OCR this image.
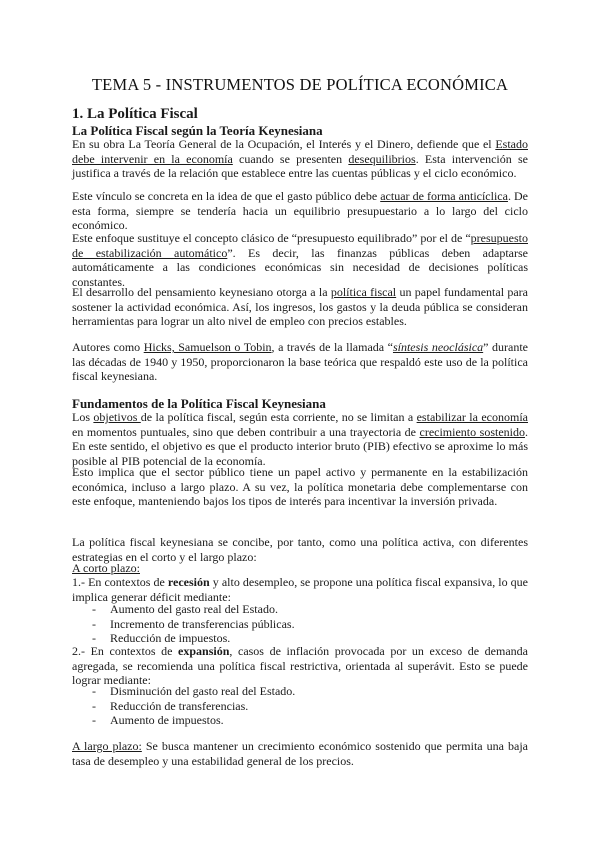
TEMA 5 - INSTRUMENTOS DE POLÍTICA ECONÓMICA
1. La Política Fiscal
La Política Fiscal según la Teoría Keynesiana
En su obra La Teoría General de la Ocupación, el Interés y el Dinero, defiende que el Estado debe intervenir en la economía cuando se presenten desequilibrios. Esta intervención se justifica a través de la relación que establece entre las cuentas públicas y el ciclo económico.
Este vínculo se concreta en la idea de que el gasto público debe actuar de forma anticíclica. De esta forma, siempre se tendería hacia un equilibrio presupuestario a lo largo del ciclo económico.
Este enfoque sustituye el concepto clásico de “presupuesto equilibrado” por el de “presupuesto de estabilización automático”. Es decir, las finanzas públicas deben adaptarse automáticamente a las condiciones económicas sin necesidad de decisiones políticas constantes.
El desarrollo del pensamiento keynesiano otorga a la política fiscal un papel fundamental para sostener la actividad económica. Así, los ingresos, los gastos y la deuda pública se consideran herramientas para lograr un alto nivel de empleo con precios estables.
Autores como Hicks, Samuelson o Tobin, a través de la llamada “síntesis neoclásica” durante las décadas de 1940 y 1950, proporcionaron la base teórica que respaldó este uso de la política fiscal keynesiana.
Fundamentos de la Política Fiscal Keynesiana
Los objetivos de la política fiscal, según esta corriente, no se limitan a estabilizar la economía en momentos puntuales, sino que deben contribuir a una trayectoria de crecimiento sostenido. En este sentido, el objetivo es que el producto interior bruto (PIB) efectivo se aproxime lo más posible al PIB potencial de la economía.
Esto implica que el sector público tiene un papel activo y permanente en la estabilización económica, incluso a largo plazo. A su vez, la política monetaria debe complementarse con este enfoque, manteniendo bajos los tipos de interés para incentivar la inversión privada.
La política fiscal keynesiana se concibe, por tanto, como una política activa, con diferentes estrategias en el corto y el largo plazo:
A corto plazo:
1.- En contextos de recesión y alto desempleo, se propone una política fiscal expansiva, lo que implica generar déficit mediante:
- Aumento del gasto real del Estado.
- Incremento de transferencias públicas.
- Reducción de impuestos.
2.- En contextos de expansión, casos de inflación provocada por un exceso de demanda agregada, se recomienda una política fiscal restrictiva, orientada al superávit. Esto se puede lograr mediante:
- Disminución del gasto real del Estado.
- Reducción de transferencias.
- Aumento de impuestos.
A largo plazo: Se busca mantener un crecimiento económico sostenido que permita una baja tasa de desempleo y una estabilidad general de los precios.
